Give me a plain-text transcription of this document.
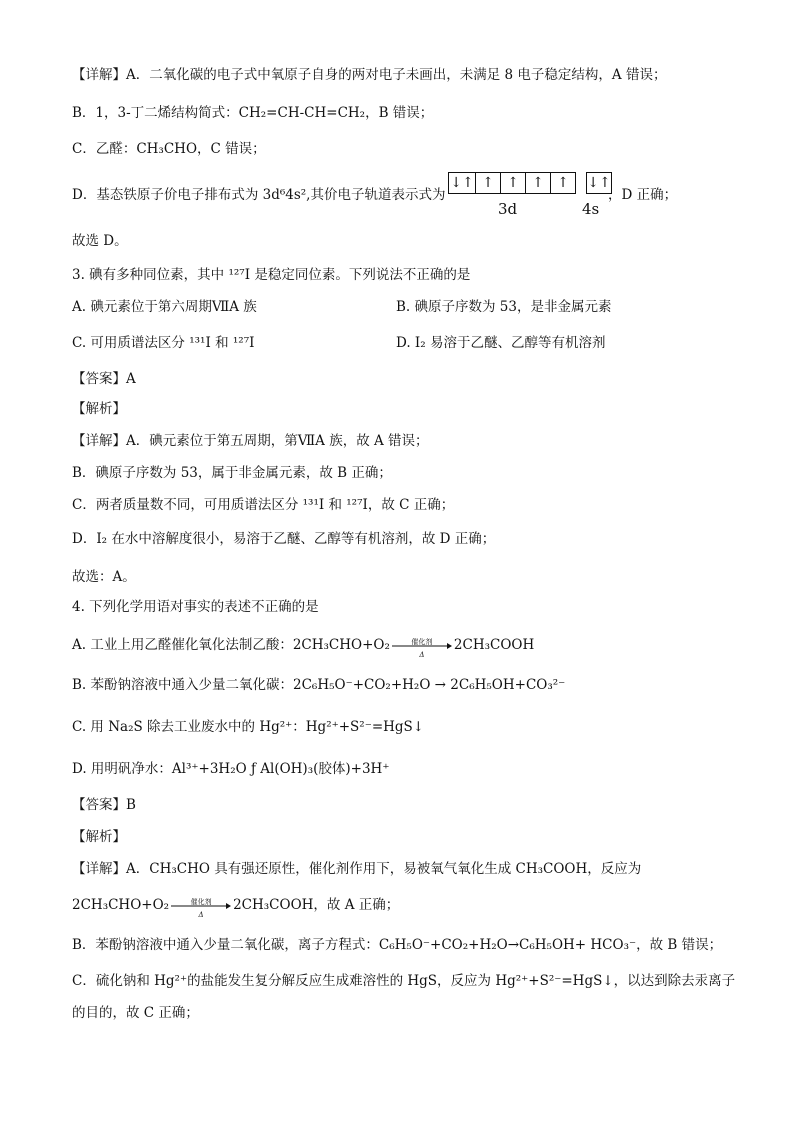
【详解】A．二氧化碳的电子式中氧原子自身的两对电子未画出，未满足 8 电子稳定结构，A 错误；
B．1，3-丁二烯结构简式：CH₂=CH-CH=CH₂，B 错误；
C．乙醛：CH₃CHO，C 错误；
D．基态铁原子价电子排布式为 3d⁶4s²,其价电子轨道表示式为	，D 正确；
↓↑ ↑ ↑ ↑ ↑	↓↑
3d	4s
故选 D。
3. 碘有多种同位素，其中 ¹²⁷I 是稳定同位素。下列说法不正确的是
A. 碘元素位于第六周期ⅦA 族	B. 碘原子序数为 53，是非金属元素
C. 可用质谱法区分 ¹³¹I 和 ¹²⁷I	D. I₂ 易溶于乙醚、乙醇等有机溶剂
【答案】A
【解析】
【详解】A．碘元素位于第五周期，第ⅦA 族，故 A 错误；
B．碘原子序数为 53，属于非金属元素，故 B 正确；
C．两者质量数不同，可用质谱法区分 ¹³¹I 和 ¹²⁷I，故 C 正确；
D．I₂ 在水中溶解度很小，易溶于乙醚、乙醇等有机溶剂，故 D 正确；
故选：A。
4. 下列化学用语对事实的表述不正确的是
A. 工业上用乙醛催化氧化法制乙酸：2CH₃CHO+O₂	催化剂
Δ
2CH₃COOH
B. 苯酚钠溶液中通入少量二氧化碳：2C₆H₅O⁻+CO₂+H₂O → 2C₆H₅OH+CO₃²⁻
C. 用 Na₂S 除去工业废水中的 Hg²⁺：Hg²⁺+S²⁻=HgS↓
D. 用明矾净水：Al³⁺+3H₂O ƒ Al(OH)₃(胶体)+3H⁺
【答案】B
【解析】
【详解】A．CH₃CHO 具有强还原性，催化剂作用下，易被氧气氧化生成 CH₃COOH，反应为
2CH₃CHO+O₂	催化剂
Δ
2CH₃COOH，故 A 正确；
B．苯酚钠溶液中通入少量二氧化碳，离子方程式：C₆H₅O⁻+CO₂+H₂O→C₆H₅OH+ HCO₃⁻，故 B 错误；
C．硫化钠和 Hg²⁺的盐能发生复分解反应生成难溶性的 HgS，反应为 Hg²⁺+S²⁻=HgS↓，以达到除去汞离子
的目的，故 C 正确；
